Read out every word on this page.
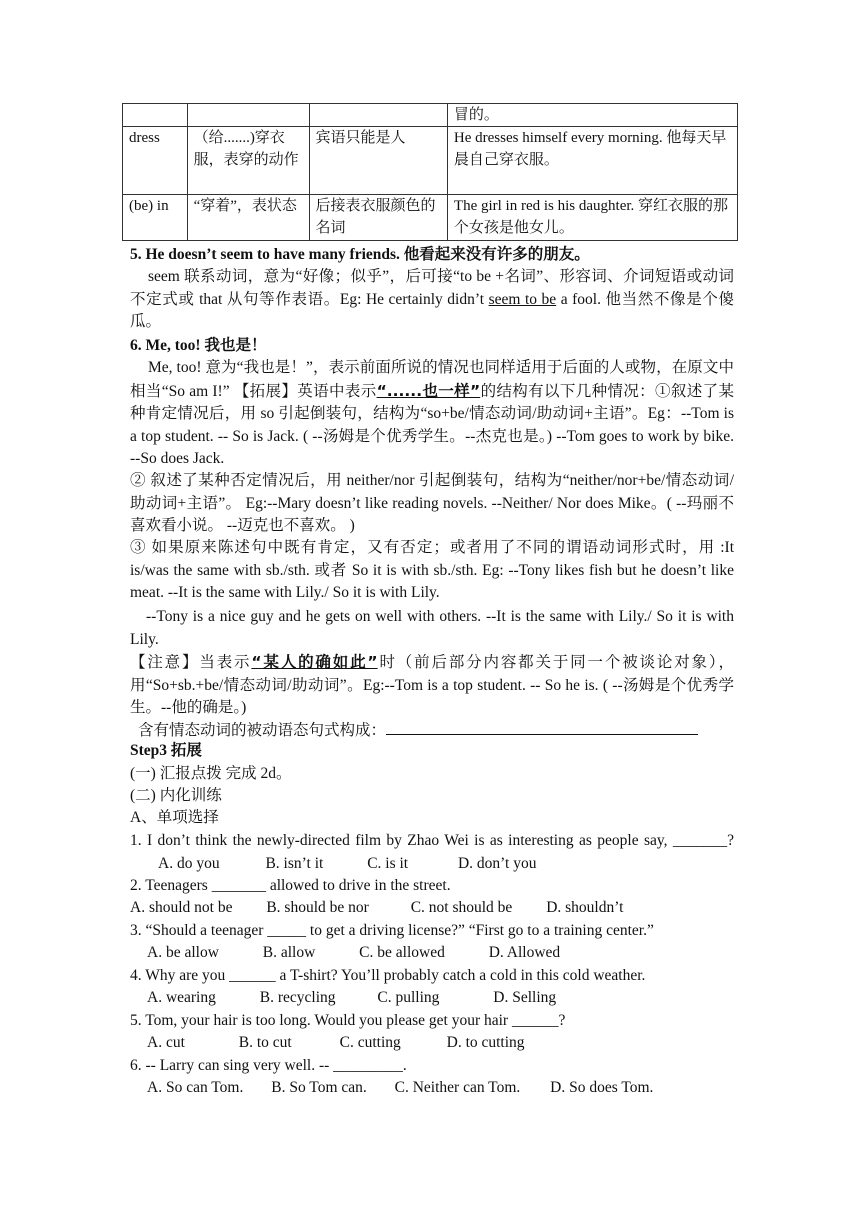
			冒的。
dress	（给.......)穿衣服，表穿的动作	宾语只能是人	He dresses himself every morning. 他每天早晨自己穿衣服。
(be) in	“穿着”，表状态	后接表衣服颜色的名词	The girl in red is his daughter. 穿红衣服的那个女孩是他女儿。
5. He doesn’t seem to have many friends. 他看起来没有许多的朋友。
seem 联系动词，意为“好像；似乎”，后可接“to be +名词”、形容词、介词短语或动词不定式或 that 从句等作表语。Eg: He certainly didn’t seem to be a fool. 他当然不像是个傻瓜。
6. Me, too! 我也是！
Me, too! 意为“我也是！”，表示前面所说的情况也同样适用于后面的人或物，在原文中相当“So am I!” 【拓展】英语中表示“......也一样”的结构有以下几种情况：①叙述了某种肯定情况后，用 so 引起倒装句，结构为“so+be/情态动词/助动词+主语”。Eg：--Tom is a top student. -- So is Jack. ( --汤姆是个优秀学生。--杰克也是。) --Tom goes to work by bike. --So does Jack.
② 叙述了某种否定情况后，用 neither/nor 引起倒装句，结构为“neither/nor+be/情态动词/助动词+主语”。 Eg:--Mary doesn’t like reading novels. --Neither/ Nor does Mike。( --玛丽不喜欢看小说。 --迈克也不喜欢。 )
③ 如果原来陈述句中既有肯定，又有否定；或者用了不同的谓语动词形式时，用 :It is/was the same with sb./sth. 或者 So it is with sb./sth. Eg: --Tony likes fish but he doesn’t like meat. --It is the same with Lily./ So it is with Lily.
--Tony is a nice guy and he gets on well with others. --It is the same with Lily./ So it is with Lily.
【注意】当表示“某人的确如此”时（前后部分内容都关于同一个被谈论对象），用“So+sb.+be/情态动词/助动词”。Eg:--Tom is a top student. -- So he is. ( --汤姆是个优秀学生。--他的确是。)
含有情态动词的被动语态句式构成：
Step3 拓展
(一) 汇报点拨 完成 2d。
(二) 内化训练
A、单项选择
1. I don’t think the newly-directed film by Zhao Wei is as interesting as people say, _______? A. do you	B. isn’t it	C. is it	D. don’t you
2. Teenagers _______ allowed to drive in the street.
A. should not be B. should be nor	C. not should be D. shouldn’t
3. “Should a teenager _____ to get a driving license?” “First go to a training center.”
A. be allow	B. allow	C. be allowed	D. Allowed
4. Why are you ______ a T-shirt? You’ll probably catch a cold in this cold weather.
A. wearing	B. recycling	C. pulling	D. Selling
5. Tom, your hair is too long. Would you please get your hair ______?
A. cut	B. to cut	C. cutting	D. to cutting
6. -- Larry can sing very well. -- _________.
A. So can Tom. B. So Tom can. C. Neither can Tom. D. So does Tom.
